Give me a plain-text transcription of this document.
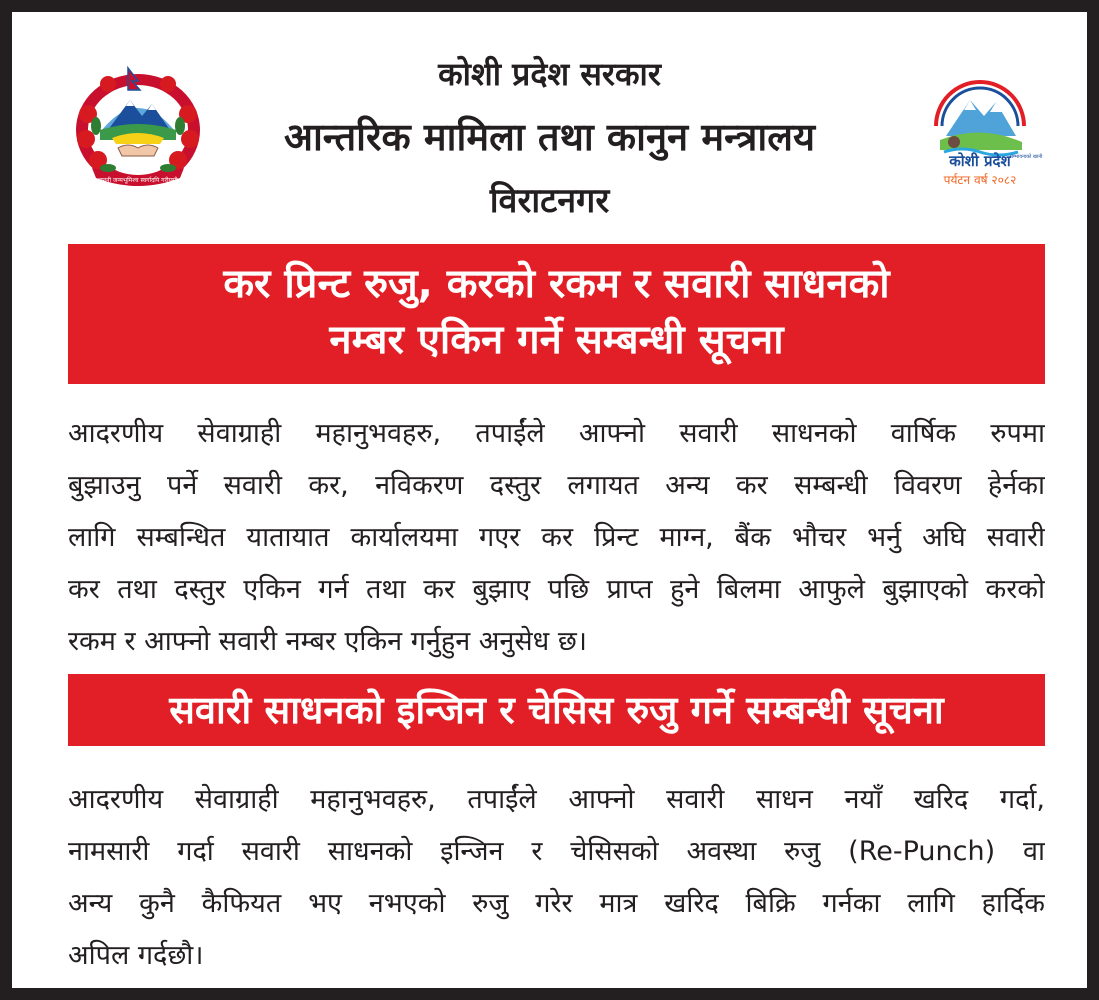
जननी जन्मभूमिश्च स्वर्गादपि गरीयसी
कोशी प्रदेश सरकार
आन्तरिक मामिला तथा कानुन मन्त्रालय
विराटनगर
कोशी प्रदेश
पर्यटन वर्ष २०८२
सम्भावनाको खानी
कर प्रिन्ट रुजु, करको रकम र सवारी साधनको
नम्बर एकिन गर्ने सम्बन्धी सूचना
आदरणीय सेवाग्राही महानुभवहरु, तपाईंले आफ्नो सवारी साधनको वार्षिक रुपमा
बुझाउनु पर्ने सवारी कर, नविकरण दस्तुर लगायत अन्य कर सम्बन्धी विवरण हेर्नका
लागि सम्बन्धित यातायात कार्यालयमा गएर कर प्रिन्ट माग्न, बैंक भौचर भर्नु अघि सवारी
कर तथा दस्तुर एकिन गर्न तथा कर बुझाए पछि प्राप्त हुने बिलमा आफुले बुझाएको करको
रकम र आफ्नो सवारी नम्बर एकिन गर्नुहुन अनुसेध छ।
सवारी साधनको इन्जिन र चेसिस रुजु गर्ने सम्बन्धी सूचना
आदरणीय सेवाग्राही महानुभवहरु, तपाईंले आफ्नो सवारी साधन नयाँ खरिद गर्दा,
नामसारी गर्दा सवारी साधनको इन्जिन र चेसिसको अवस्था रुजु (Re-Punch) वा
अन्य कुनै कैफियत भए नभएको रुजु गरेर मात्र खरिद बिक्रि गर्नका लागि हार्दिक
अपिल गर्दछौ।
